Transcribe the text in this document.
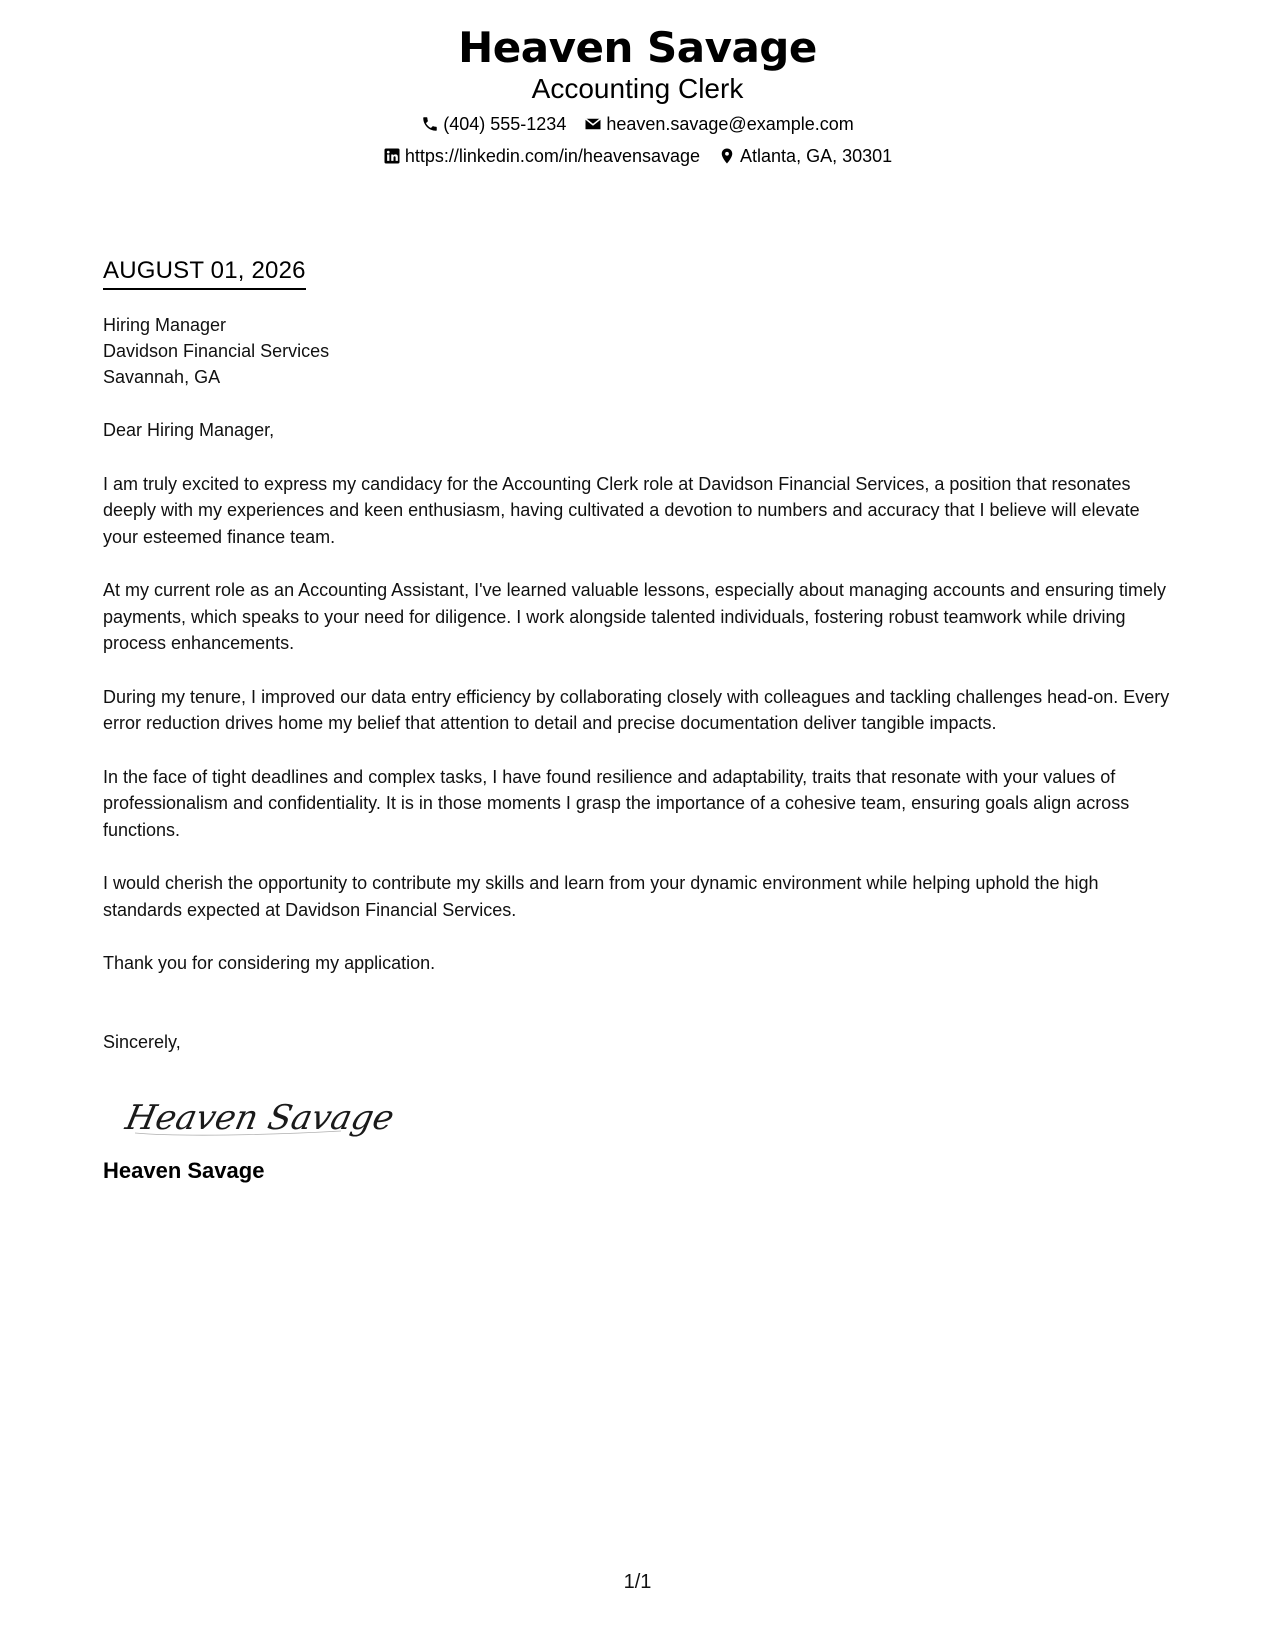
Heaven Savage
Accounting Clerk
(404) 555-1234 heaven.savage@example.com
https://linkedin.com/in/heavensavage Atlanta, GA, 30301
AUGUST 01, 2026
Hiring Manager
Davidson Financial Services
Savannah, GA
Dear Hiring Manager,
I am truly excited to express my candidacy for the Accounting Clerk role at Davidson Financial Services, a position that resonates deeply with my experiences and keen enthusiasm, having cultivated a devotion to numbers and accuracy that I believe will elevate your esteemed finance team.
At my current role as an Accounting Assistant, I've learned valuable lessons, especially about managing accounts and ensuring timely payments, which speaks to your need for diligence. I work alongside talented individuals, fostering robust teamwork while driving process enhancements.
During my tenure, I improved our data entry efficiency by collaborating closely with colleagues and tackling challenges head-on. Every error reduction drives home my belief that attention to detail and precise documentation deliver tangible impacts.
In the face of tight deadlines and complex tasks, I have found resilience and adaptability, traits that resonate with your values of professionalism and confidentiality. It is in those moments I grasp the importance of a cohesive team, ensuring goals align across functions.
I would cherish the opportunity to contribute my skills and learn from your dynamic environment while helping uphold the high standards expected at Davidson Financial Services.
Thank you for considering my application.
Sincerely,
Heaven Savage
Heaven Savage
1/1
